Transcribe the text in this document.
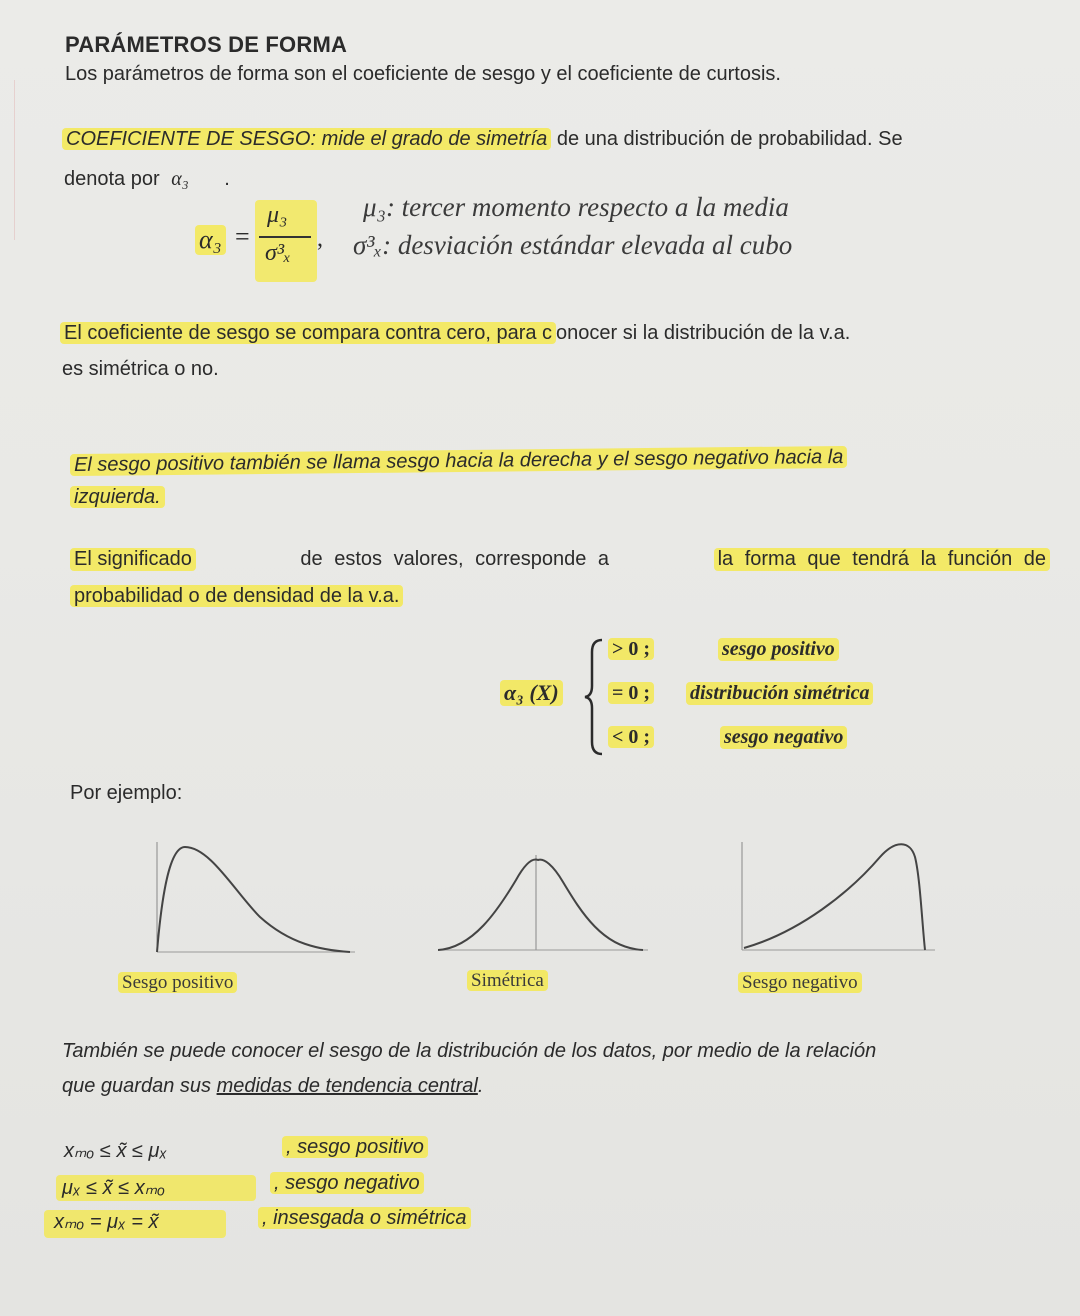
PARÁMETROS DE FORMA
Los parámetros de forma son el coeficiente de sesgo y el coeficiente de curtosis.
COEFICIENTE DE SESGO: mide el grado de simetría de una distribución de probabilidad. Se
denota por α₃ .
α₃ =
μ₃
σ³ₓ
,
μ₃: tercer momento respecto a la media
σ³ₓ: desviación estándar elevada al cubo
El coeficiente de sesgo se compara contra cero, para c onocer si la distribución de la v.a.
es simétrica o no.
El sesgo positivo también se llama sesgo hacia la derecha y el sesgo negativo hacia la
izquierda.
El significado	de estos valores, corresponde a	la forma que tendrá la función de
probabilidad o de densidad de la v.a.
α₃ (X)
> 0 ;	sesgo positivo
= 0 ; distribución simétrica
< 0 ;	sesgo negativo
Por ejemplo:
Sesgo positivo	Simétrica	Sesgo negativo
También se puede conocer el sesgo de la distribución de los datos, por medio de la relación
que guardan sus medidas de tendencia central.
xₘₒ ≤ x̃ ≤ μₓ	, sesgo positivo
μₓ ≤ x̃ ≤ xₘₒ	, sesgo negativo
xₘₒ = μₓ = x̃	, insesgada o simétrica
